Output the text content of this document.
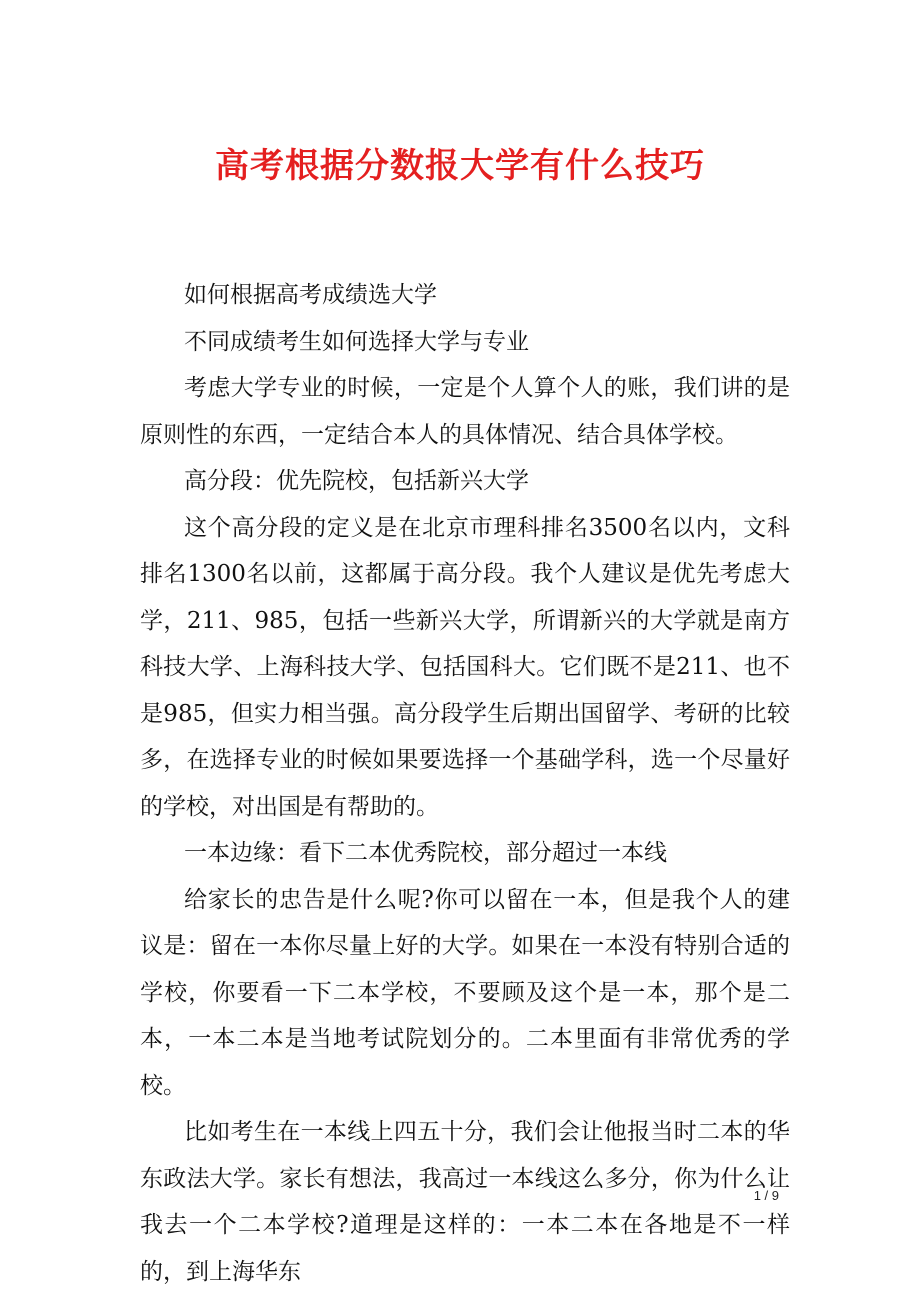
高考根据分数报大学有什么技巧

如何根据高考成绩选大学

不同成绩考生如何选择大学与专业

考虑大学专业的时候，一定是个人算个人的账，我们讲的是原则性的东西，一定结合本人的具体情况、结合具体学校。

高分段：优先院校，包括新兴大学

这个高分段的定义是在北京市理科排名3500名以内，文科排名1300名以前，这都属于高分段。我个人建议是优先考虑大学，211、985，包括一些新兴大学，所谓新兴的大学就是南方科技大学、上海科技大学、包括国科大。它们既不是211、也不是985，但实力相当强。高分段学生后期出国留学、考研的比较多，在选择专业的时候如果要选择一个基础学科，选一个尽量好的学校，对出国是有帮助的。

一本边缘：看下二本优秀院校，部分超过一本线

给家长的忠告是什么呢?你可以留在一本，但是我个人的建议是：留在一本你尽量上好的大学。如果在一本没有特别合适的学校，你要看一下二本学校，不要顾及这个是一本，那个是二本，一本二本是当地考试院划分的。二本里面有非常优秀的学校。

比如考生在一本线上四五十分，我们会让他报当时二本的华东政法大学。家长有想法，我高过一本线这么多分，你为什么让我去一个二本学校?道理是这样的：一本二本在各地是不一样的，到上海华东

1 / 9
